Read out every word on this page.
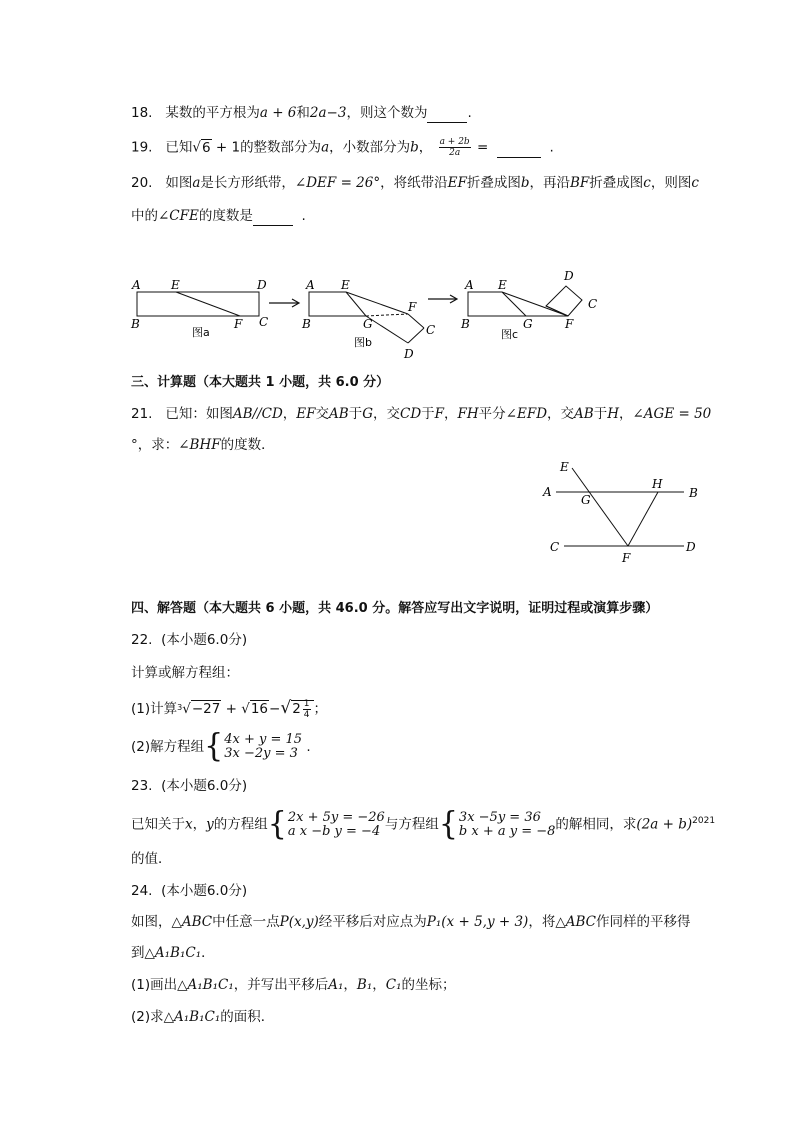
18. 某数的平方根为a + 6和2a−3，则这个数为	.
19. 已知√6 + 1的整数部分为a，小数部分为b， $\frac{a + 2b}{2a}$ =	.
20. 如图a是长方形纸带，∠DEF = 26°，将纸带沿EF折叠成图b，再沿BF折叠成图c，则图c
中的∠CFE的度数是	.
A	E	D
B	F C
图a
A E
B	G
F
C
D
图b
A E
B	G	F
D
C
图c
三、计算题（本大题共 1 小题，共 6.0 分）
21. 已知：如图AB//CD，EF交AB于G，交CD于F，FH平分∠EFD，交AB于H，∠AGE = 50
°，求：∠BHF的度数．
E
A
G
H
B
C
F
D
四、解答题（本大题共 6 小题，共 46.0 分。解答应写出文字说明，证明过程或演算步骤）
22. (本小题6.0分)
计算或解方程组：
(1)计算$^3√-27 + √16-√2 \frac{1}{4}$ ；
(2)解方程组 { 4x + y = 15
3x −2y = 3 .
23. (本小题6.0分)
已知关于x，y的方程组 { 2x + 5y = −26
a x −b y = −4 与方程组 { 3x −5y = 36
b x + a y = −8 的解相同，求$(2a + b)^{2021}$
的值．
24. (本小题6.0分)
如图，△ABC中任意一点P(x,y)经平移后对应点为P₁(x + 5,y + 3)，将△ABC作同样的平移得
到△A₁B₁C₁．
(1)画出△A₁B₁C₁，并写出平移后A₁，B₁，C₁的坐标；
(2)求△A₁B₁C₁的面积．
